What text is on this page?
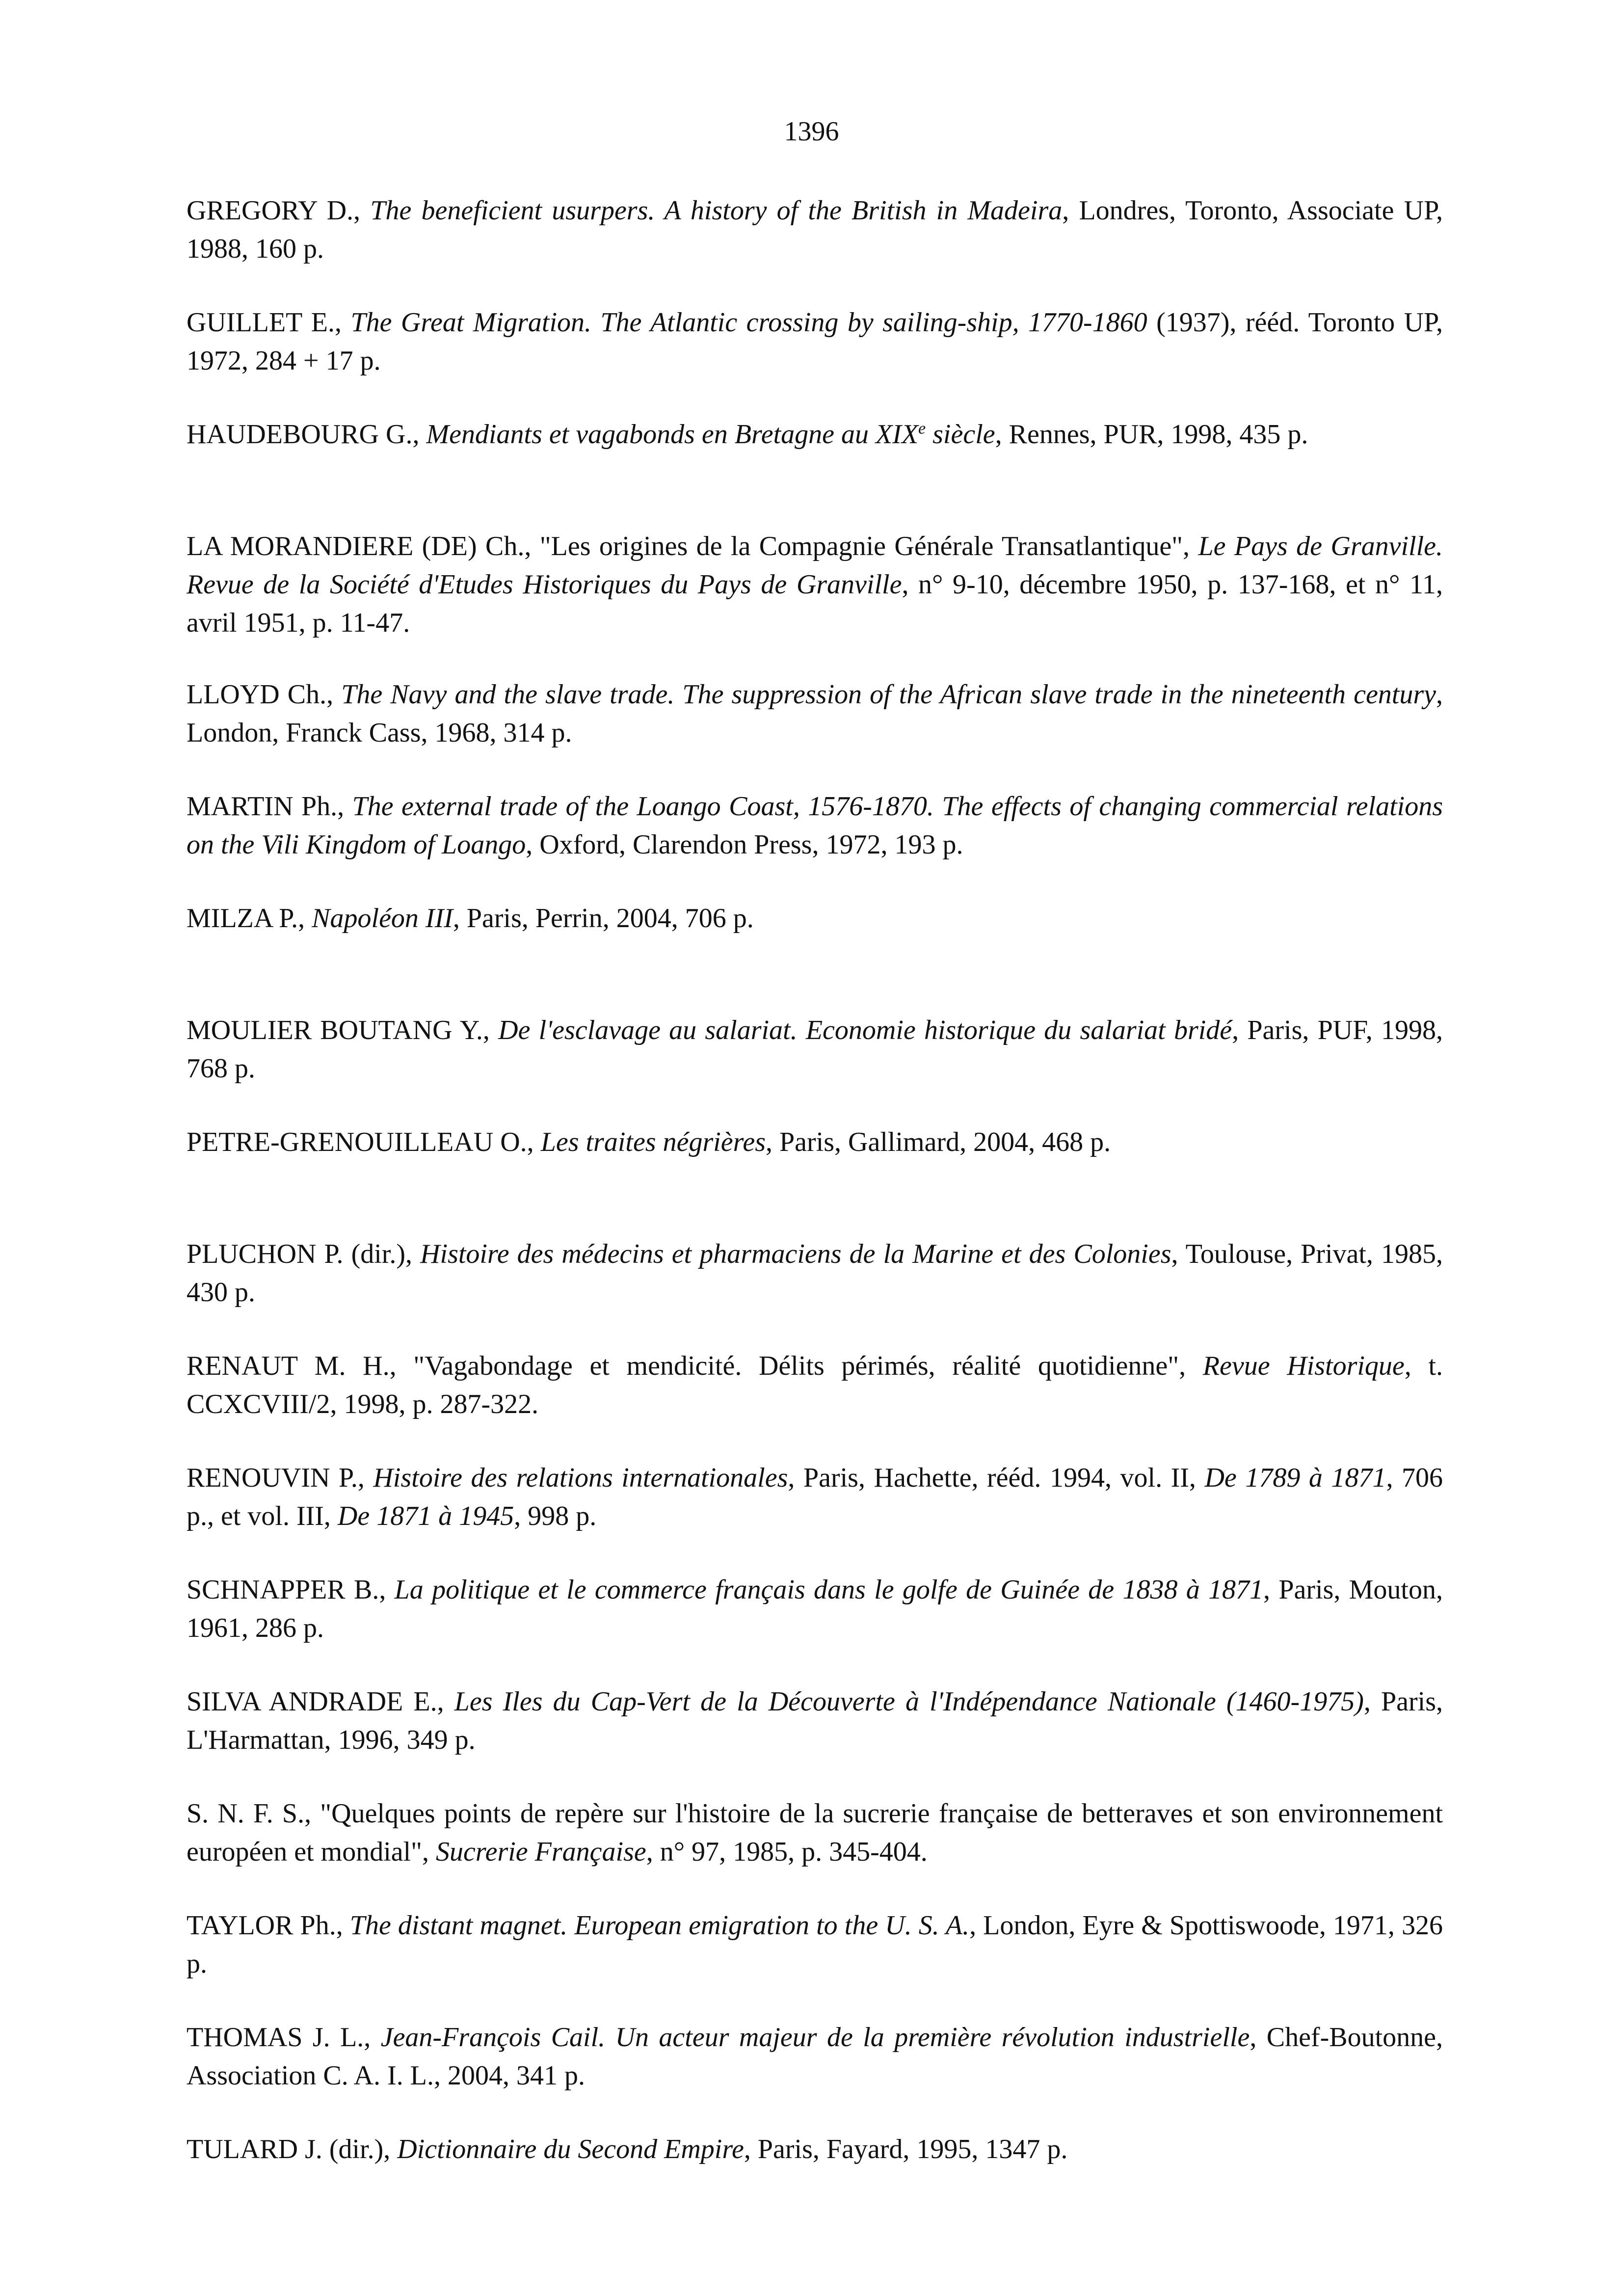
1396

GREGORY D., The beneficient usurpers. A history of the British in Madeira, Londres, Toronto, Associate UP, 1988, 160 p.

GUILLET E., The Great Migration. The Atlantic crossing by sailing-ship, 1770-1860 (1937), rééd. Toronto UP, 1972, 284 + 17 p.

HAUDEBOURG G., Mendiants et vagabonds en Bretagne au XIXe siècle, Rennes, PUR, 1998, 435 p.

LA MORANDIERE (DE) Ch., "Les origines de la Compagnie Générale Transatlantique", Le Pays de Granville. Revue de la Société d'Etudes Historiques du Pays de Granville, n° 9-10, décembre 1950, p. 137-168, et n° 11, avril 1951, p. 11-47.

LLOYD Ch., The Navy and the slave trade. The suppression of the African slave trade in the nineteenth century, London, Franck Cass, 1968, 314 p.

MARTIN Ph., The external trade of the Loango Coast, 1576-1870. The effects of changing commercial relations on the Vili Kingdom of Loango, Oxford, Clarendon Press, 1972, 193 p.

MILZA P., Napoléon III, Paris, Perrin, 2004, 706 p.

MOULIER BOUTANG Y., De l'esclavage au salariat. Economie historique du salariat bridé, Paris, PUF, 1998, 768 p.

PETRE-GRENOUILLEAU O., Les traites négrières, Paris, Gallimard, 2004, 468 p.

PLUCHON P. (dir.), Histoire des médecins et pharmaciens de la Marine et des Colonies, Toulouse, Privat, 1985, 430 p.

RENAUT M. H., "Vagabondage et mendicité. Délits périmés, réalité quotidienne", Revue Historique, t. CCXCVIII/2, 1998, p. 287-322.

RENOUVIN P., Histoire des relations internationales, Paris, Hachette, rééd. 1994, vol. II, De 1789 à 1871, 706 p., et vol. III, De 1871 à 1945, 998 p.

SCHNAPPER B., La politique et le commerce français dans le golfe de Guinée de 1838 à 1871, Paris, Mouton, 1961, 286 p.

SILVA ANDRADE E., Les Iles du Cap-Vert de la Découverte à l'Indépendance Nationale (1460-1975), Paris, L'Harmattan, 1996, 349 p.

S. N. F. S., "Quelques points de repère sur l'histoire de la sucrerie française de betteraves et son environnement européen et mondial", Sucrerie Française, n° 97, 1985, p. 345-404.

TAYLOR Ph., The distant magnet. European emigration to the U. S. A., London, Eyre & Spottiswoode, 1971, 326 p.

THOMAS J. L., Jean-François Cail. Un acteur majeur de la première révolution industrielle, Chef-Boutonne, Association C. A. I. L., 2004, 341 p.

TULARD J. (dir.), Dictionnaire du Second Empire, Paris, Fayard, 1995, 1347 p.
